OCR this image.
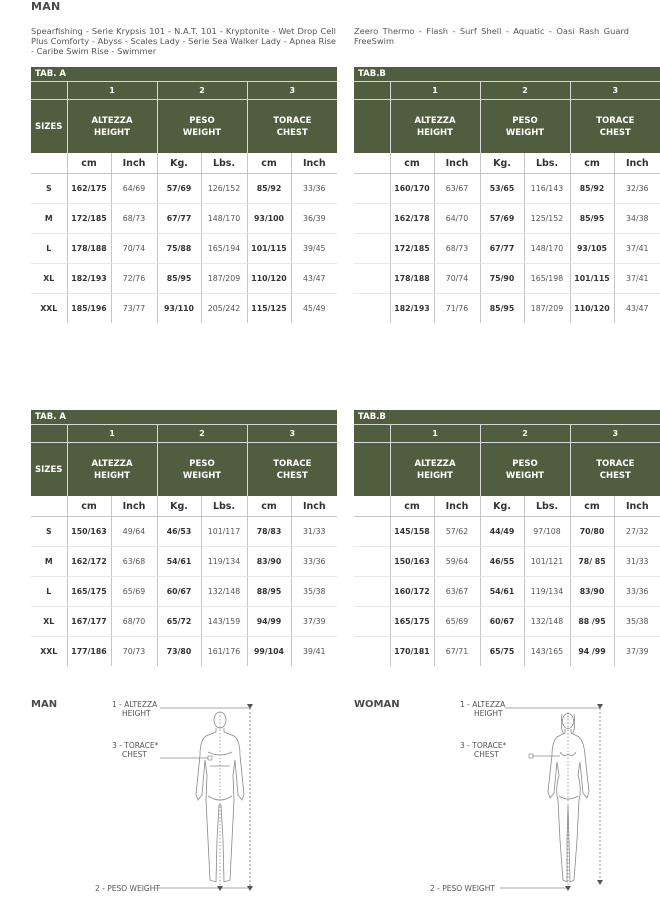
MAN
Spearfishing - Serie Krypsis 101 - N.A.T. 101 - Kryptonite - Wet Drop Cell Plus Comforty - Abyss - Scales Lady - Serie Sea Walker Lady - Apnea Rise - Caribe Swim Rise - Swimmer
Zeero Thermo - Flash - Surf Shell - Aquatic - Oasi Rash Guard FreeSwim
TAB. A						
	1		2		3	
SIZES	ALTEZZA
HEIGHT		PESO
WEIGHT		TORACE
CHEST	
	cm	Inch	Kg.	Lbs.	cm	Inch
S	162/175	64/69	57/69	126/152	85/92	33/36
M	172/185	68/73	67/77	148/170	93/100	36/39
L	178/188	70/74	75/88	165/194	101/115	39/45
XL	182/193	72/76	85/95	187/209	110/120	43/47
XXL	185/196	73/77	93/110	205/242	115/125	45/49
TAB.B						
	1		2		3	
	ALTEZZA
HEIGHT		PESO
WEIGHT		TORACE
CHEST	
	cm	Inch	Kg.	Lbs.	cm	Inch
	160/170	63/67	53/65	116/143	85/92	32/36
	162/178	64/70	57/69	125/152	85/95	34/38
	172/185	68/73	67/77	148/170	93/105	37/41
	178/188	70/74	75/90	165/198	101/115	37/41
	182/193	71/76	85/95	187/209	110/120	43/47
TAB. A						
	1		2		3	
SIZES	ALTEZZA
HEIGHT		PESO
WEIGHT		TORACE
CHEST	
	cm	Inch	Kg.	Lbs.	cm	Inch
S	150/163	49/64	46/53	101/117	78/83	31/33
M	162/172	63/68	54/61	119/134	83/90	33/36
L	165/175	65/69	60/67	132/148	88/95	35/38
XL	167/177	68/70	65/72	143/159	94/99	37/39
XXL	177/186	70/73	73/80	161/176	99/104	39/41
TAB.B						
	1		2		3	
	ALTEZZA
HEIGHT		PESO
WEIGHT		TORACE
CHEST	
	cm	Inch	Kg.	Lbs.	cm	Inch
	145/158	57/62	44/49	97/108	70/80	27/32
	150/163	59/64	46/55	101/121	78/ 85	31/33
	160/172	63/67	54/61	119/134	83/90	33/36
	165/175	65/69	60/67	132/148	88 /95	35/38
	170/181	67/71	65/75	143/165	94 /99	37/39
MAN	1 - ALTEZZA
HEIGHT
3 - TORACE*
CHEST
2 - PESO WEIGHT
WOMAN	1 - ALTEZZA
HEIGHT
3 - TORACE*
CHEST
2 - PESO WEIGHT
